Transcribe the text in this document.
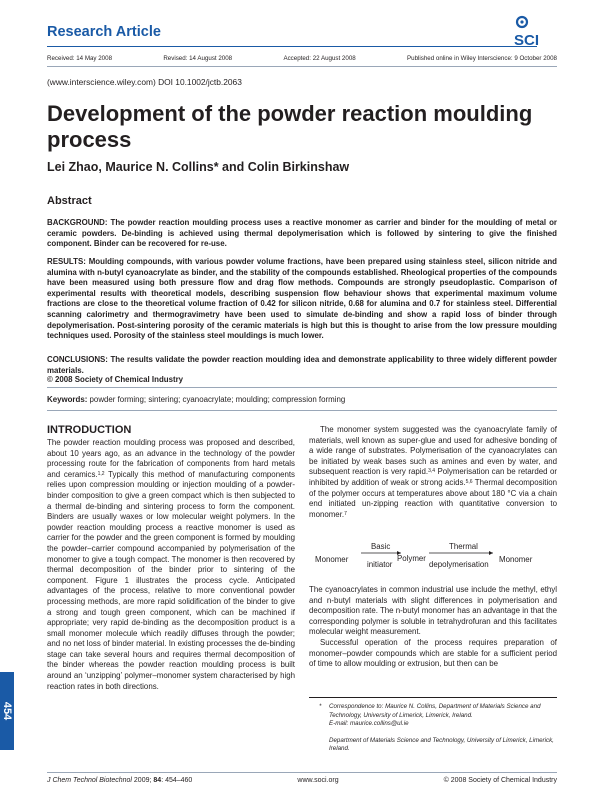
Research Article	SCI
Received: 14 May 2008	Revised: 14 August 2008	Accepted: 22 August 2008	Published online in Wiley Interscience: 9 October 2008
(www.interscience.wiley.com) DOI 10.1002/jctb.2063
Development of the powder reaction moulding process
Lei Zhao, Maurice N. Collins* and Colin Birkinshaw
Abstract
BACKGROUND: The powder reaction moulding process uses a reactive monomer as carrier and binder for the moulding of metal or ceramic powders. De-binding is achieved using thermal depolymerisation which is followed by sintering to give the finished component. Binder can be recovered for re-use.
RESULTS: Moulding compounds, with various powder volume fractions, have been prepared using stainless steel, silicon nitride and alumina with n-butyl cyanoacrylate as binder, and the stability of the compounds established. Rheological properties of the compounds have been measured using both pressure flow and drag flow methods. Compounds are strongly pseudoplastic. Comparison of experimental results with theoretical models, describing suspension flow behaviour shows that experimental maximum volume fractions are close to the theoretical volume fraction of 0.42 for silicon nitride, 0.68 for alumina and 0.7 for stainless steel. Differential scanning calorimetry and thermogravimetry have been used to simulate de-binding and show a rapid loss of binder through depolymerisation. Post-sintering porosity of the ceramic materials is high but this is thought to arise from the low pressure moulding techniques used. Porosity of the stainless steel mouldings is much lower.
CONCLUSIONS: The results validate the powder reaction moulding idea and demonstrate applicability to three widely different powder materials.
© 2008 Society of Chemical Industry
Keywords: powder forming; sintering; cyanoacrylate; moulding; compression forming
INTRODUCTION

The powder reaction moulding process was proposed and described, about 10 years ago, as an advance in the technology of the powder processing route for the fabrication of components from hard metals and ceramics.$^{1,2}$ Typically this method of manufacturing components relies upon compression moulding or injection moulding of a powder-binder composition to give a green compact which is then subjected to a thermal de-binding and sintering process to form the component. Binders are usually waxes or low molecular weight polymers. In the powder reaction moulding process a reactive monomer is used as carrier for the powder and the green component is formed by moulding the powder–carrier compound accompanied by polymerisation of the monomer to give a tough compact. The monomer is then recovered by thermal decomposition of the binder prior to sintering of the component. Figure 1 illustrates the process cycle. Anticipated advantages of the process, relative to more conventional powder processing methods, are more rapid solidification of the binder to give a strong and tough green component, which can be machined if appropriate; very rapid de-binding as the decomposition product is a small monomer molecule which readily diffuses through the powder; and no net loss of binder material. In existing processes the de-binding stage can take several hours and requires thermal decomposition of the binder whereas the powder reaction moulding process is built around an ‘unzipping’ polymer–monomer system characterised by high reaction rates in both directions.

The monomer system suggested was the cyanoacrylate family of materials, well known as super-glue and used for adhesive bonding of a wide range of substrates. Polymerisation of the cyanoacrylates can be initiated by weak bases such as amines and even by water, and subsequent reaction is very rapid.$^{3,4}$ Polymerisation can be retarded or inhibited by addition of weak or strong acids.$^{5,6}$ Thermal decomposition of the polymer occurs at temperatures above about 180 °C via a chain end initiated un-zipping reaction with quantitative conversion to monomer.$^7$

Monomer
Basic
initiator
Polymer
Thermal
depolymerisation
Monomer

The cyanoacrylates in common industrial use include the methyl, ethyl and n-butyl materials with slight differences in polymerisation and decomposition rate. The n-butyl monomer has an advantage in that the corresponding polymer is soluble in tetrahydrofuran and this facilitates molecular weight measurement.

Successful operation of the process requires preparation of monomer–powder compounds which are stable for a sufficient period of time to allow moulding or extrusion, but then can be

* Correspondence to: Maurice N. Collins, Department of Materials Science and Technology, University of Limerick, Limerick, Ireland.

E-mail: maurice.collins@ul.ie

Department of Materials Science and Technology, University of Limerick, Limerick, Ireland.

454
J Chem Technol Biotechnol 2009; 84: 454–460	www.soci.org	© 2008 Society of Chemical Industry
